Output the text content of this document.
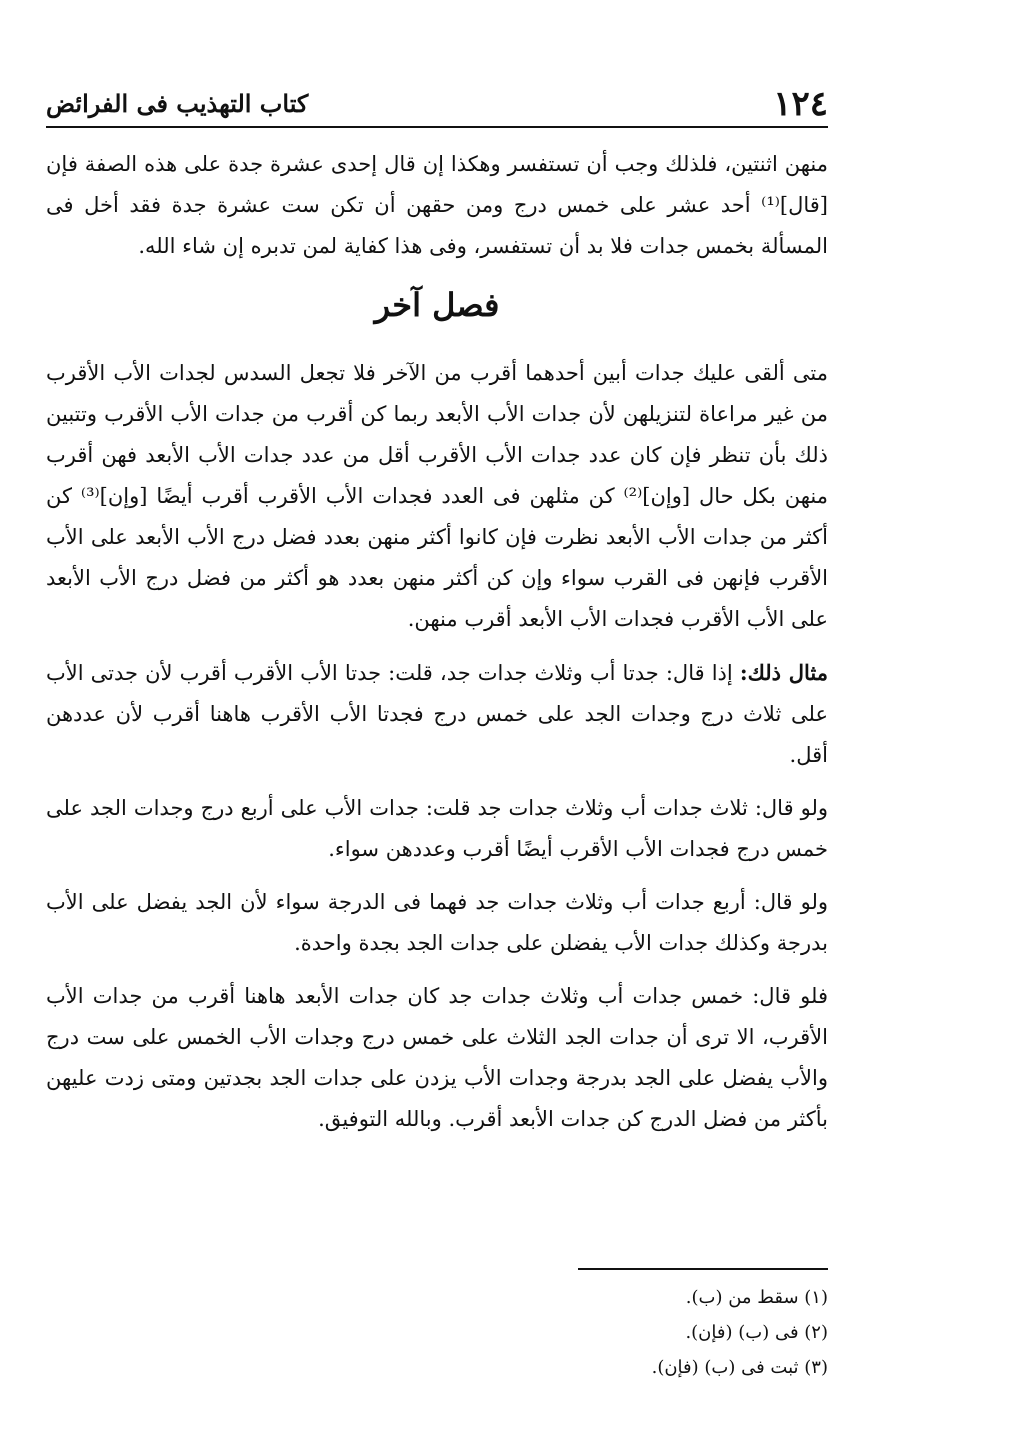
١٢٤
كتاب التهذيب فى الفرائض

منهن اثنتين، فلذلك وجب أن تستفسر وهكذا إن قال إحدى عشرة جدة على هذه الصفة فإن [قال]⁽¹⁾ أحد عشر على خمس درج ومن حقهن أن تكن ست عشرة جدة فقد أخل فى المسألة بخمس جدات فلا بد أن تستفسر، وفى هذا كفاية لمن تدبره إن شاء الله.

فصل آخر

متى ألقى عليك جدات أبين أحدهما أقرب من الآخر فلا تجعل السدس لجدات الأب الأقرب من غير مراعاة لتنزيلهن لأن جدات الأب الأبعد ربما كن أقرب من جدات الأب الأقرب وتتبين ذلك بأن تنظر فإن كان عدد جدات الأب الأقرب أقل من عدد جدات الأب الأبعد فهن أقرب منهن بكل حال [وإن]⁽²⁾ كن مثلهن فى العدد فجدات الأب الأقرب أقرب أيضًا [وإن]⁽³⁾ كن أكثر من جدات الأب الأبعد نظرت فإن كانوا أكثر منهن بعدد فضل درج الأب الأبعد على الأب الأقرب فإنهن فى القرب سواء وإن كن أكثر منهن بعدد هو أكثر من فضل درج الأب الأبعد على الأب الأقرب فجدات الأب الأبعد أقرب منهن.

مثال ذلك: إذا قال: جدتا أب وثلاث جدات جد، قلت: جدتا الأب الأقرب أقرب لأن جدتى الأب على ثلاث درج وجدات الجد على خمس درج فجدتا الأب الأقرب هاهنا أقرب لأن عددهن أقل.

ولو قال: ثلاث جدات أب وثلاث جدات جد قلت: جدات الأب على أربع درج وجدات الجد على خمس درج فجدات الأب الأقرب أيضًا أقرب وعددهن سواء.

ولو قال: أربع جدات أب وثلاث جدات جد فهما فى الدرجة سواء لأن الجد يفضل على الأب بدرجة وكذلك جدات الأب يفضلن على جدات الجد بجدة واحدة.

فلو قال: خمس جدات أب وثلاث جدات جد كان جدات الأبعد هاهنا أقرب من جدات الأب الأقرب، الا ترى أن جدات الجد الثلاث على خمس درج وجدات الأب الخمس على ست درج والأب يفضل على الجد بدرجة وجدات الأب يزدن على جدات الجد بجدتين ومتى زدت عليهن بأكثر من فضل الدرج كن جدات الأبعد أقرب. وبالله التوفيق.

(١) سقط من (ب).
(٢) فى (ب) (فإن).
(٣) ثبت فى (ب) (فإن).
